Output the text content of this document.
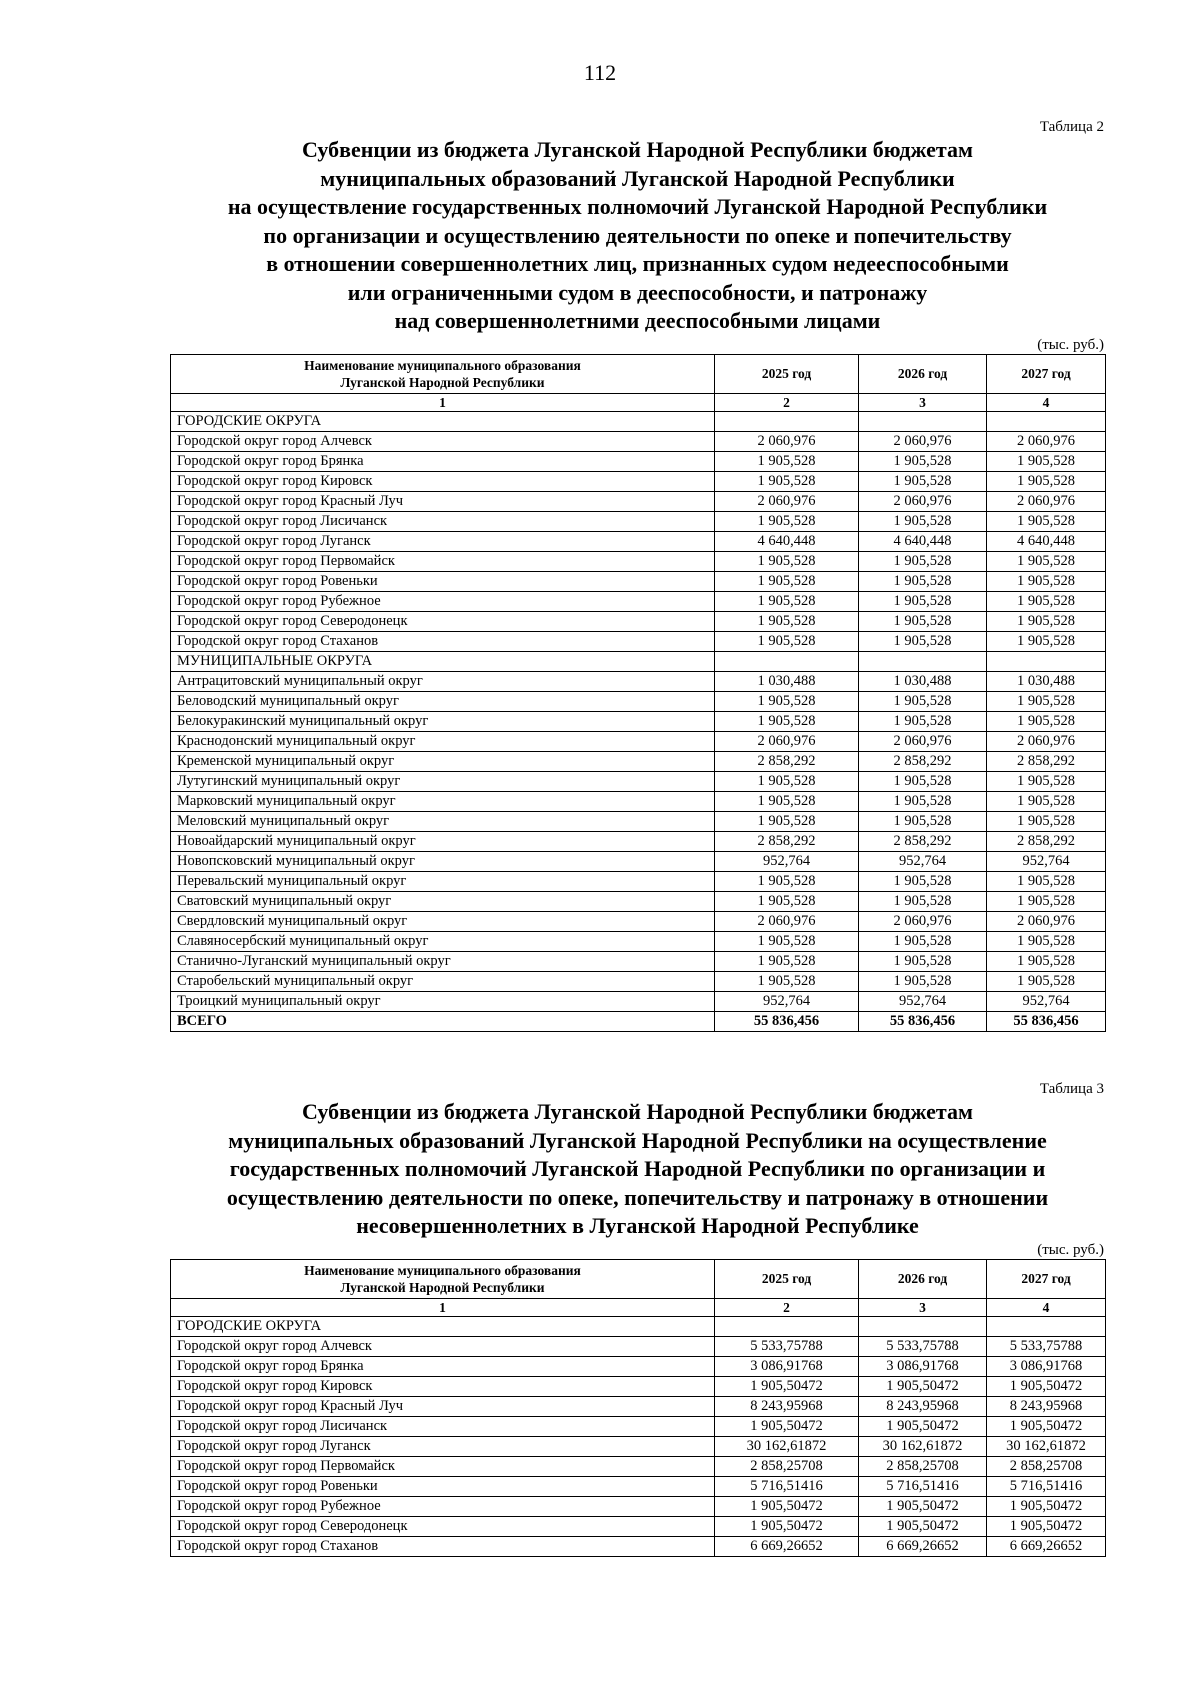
112

Таблица 2

Субвенции из бюджета Луганской Народной Республики бюджетам
муниципальных образований Луганской Народной Республики
на осуществление государственных полномочий Луганской Народной Республики
по организации и осуществлению деятельности по опеке и попечительству
в отношении совершеннолетних лиц, признанных судом недееспособными
или ограниченными судом в дееспособности, и патронажу
над совершеннолетними дееспособными лицами

(тыс. руб.)

Наименование муниципального образования
Луганской Народной Республики	2025 год	2026 год	2027 год
1	2	3	4
ГОРОДСКИЕ ОКРУГА			
Городской округ город Алчевск	2 060,976	2 060,976	2 060,976
Городской округ город Брянка	1 905,528	1 905,528	1 905,528
Городской округ город Кировск	1 905,528	1 905,528	1 905,528
Городской округ город Красный Луч	2 060,976	2 060,976	2 060,976
Городской округ город Лисичанск	1 905,528	1 905,528	1 905,528
Городской округ город Луганск	4 640,448	4 640,448	4 640,448
Городской округ город Первомайск	1 905,528	1 905,528	1 905,528
Городской округ город Ровеньки	1 905,528	1 905,528	1 905,528
Городской округ город Рубежное	1 905,528	1 905,528	1 905,528
Городской округ город Северодонецк	1 905,528	1 905,528	1 905,528
Городской округ город Стаханов	1 905,528	1 905,528	1 905,528
МУНИЦИПАЛЬНЫЕ ОКРУГА			
Антрацитовский муниципальный округ	1 030,488	1 030,488	1 030,488
Беловодский муниципальный округ	1 905,528	1 905,528	1 905,528
Белокуракинский муниципальный округ	1 905,528	1 905,528	1 905,528
Краснодонский муниципальный округ	2 060,976	2 060,976	2 060,976
Кременской муниципальный округ	2 858,292	2 858,292	2 858,292
Лутугинский муниципальный округ	1 905,528	1 905,528	1 905,528
Марковский муниципальный округ	1 905,528	1 905,528	1 905,528
Меловский муниципальный округ	1 905,528	1 905,528	1 905,528
Новоайдарский муниципальный округ	2 858,292	2 858,292	2 858,292
Новопсковский муниципальный округ	952,764	952,764	952,764
Перевальский муниципальный округ	1 905,528	1 905,528	1 905,528
Сватовский муниципальный округ	1 905,528	1 905,528	1 905,528
Свердловский муниципальный округ	2 060,976	2 060,976	2 060,976
Славяносербский муниципальный округ	1 905,528	1 905,528	1 905,528
Станично-Луганский муниципальный округ	1 905,528	1 905,528	1 905,528
Старобельский муниципальный округ	1 905,528	1 905,528	1 905,528
Троицкий муниципальный округ	952,764	952,764	952,764
ВСЕГО	55 836,456	55 836,456	55 836,456

Таблица 3

Субвенции из бюджета Луганской Народной Республики бюджетам
муниципальных образований Луганской Народной Республики на осуществление
государственных полномочий Луганской Народной Республики по организации и
осуществлению деятельности по опеке, попечительству и патронажу в отношении
несовершеннолетних в Луганской Народной Республике

(тыс. руб.)

Наименование муниципального образования
Луганской Народной Республики	2025 год	2026 год	2027 год
1	2	3	4
ГОРОДСКИЕ ОКРУГА			
Городской округ город Алчевск	5 533,75788	5 533,75788	5 533,75788
Городской округ город Брянка	3 086,91768	3 086,91768	3 086,91768
Городской округ город Кировск	1 905,50472	1 905,50472	1 905,50472
Городской округ город Красный Луч	8 243,95968	8 243,95968	8 243,95968
Городской округ город Лисичанск	1 905,50472	1 905,50472	1 905,50472
Городской округ город Луганск	30 162,61872	30 162,61872	30 162,61872
Городской округ город Первомайск	2 858,25708	2 858,25708	2 858,25708
Городской округ город Ровеньки	5 716,51416	5 716,51416	5 716,51416
Городской округ город Рубежное	1 905,50472	1 905,50472	1 905,50472
Городской округ город Северодонецк	1 905,50472	1 905,50472	1 905,50472
Городской округ город Стаханов	6 669,26652	6 669,26652	6 669,26652
